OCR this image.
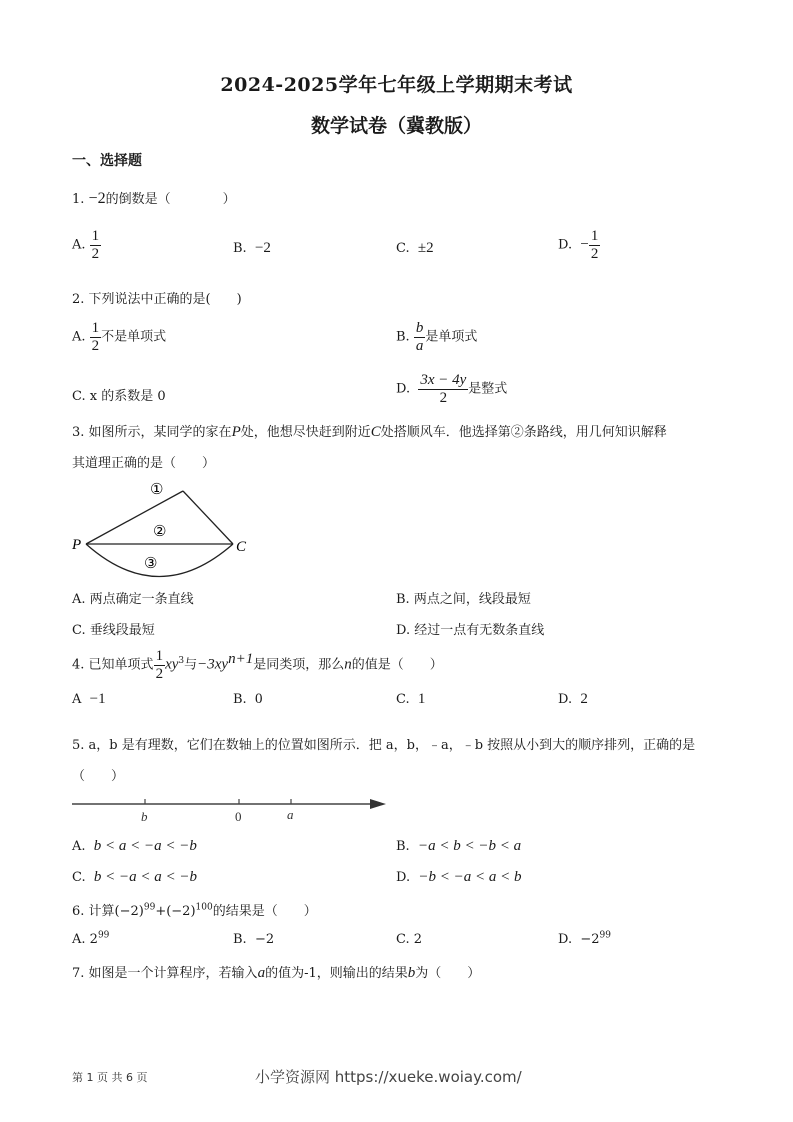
2024-2025学年七年级上学期期末考试
数学试卷（冀教版）
一、选择题
1. −2的倒数是（　　　　）
A. $\frac{1}{2}$	B. −2	C. ±2	D. − $\frac{1}{2}$
2. 下列说法中正确的是(　　)
A. $\frac{1}{2}$ 不是单项式	B. $\frac{b}{a}$ 是单项式
C. x 的系数是 0	D. $\frac{3x - 4y}{2}$ 是整式
3. 如图所示，某同学的家在P处，他想尽快赶到附近C处搭顺风车．他选择第②条路线，用几何知识解释
其道理正确的是（　　）
P	C
①
②
③
A. 两点确定一条直线	B. 两点之间，线段最短
C. 垂线段最短	D. 经过一点有无数条直线
4. 已知单项式 $\frac{1}{2} xy^3$与$-3xy^{n+1}$是同类项，那么n的值是（　　）
A −1	B. 0	C. 1	D. 2
5. a，b 是有理数，它们在数轴上的位置如图所示．把 a，b，﹣a，﹣b 按照从小到大的顺序排列，正确的是
（　　）
b	0	a
A. b < a < −a < −b	B. −a < b < −b < a
C. b < −a < a < −b	D. −b < −a < a < b
6. 计算$(-2)^{99}+(-2)^{100}$的结果是（　　）
A. $2^{99}$	B. −2	C. 2	D. $-2^{99}$
7. 如图是一个计算程序，若输入a的值为-1，则输出的结果b为（　　）
第 1 页 共 6 页	小学资源网 https://xueke.woiay.com/
